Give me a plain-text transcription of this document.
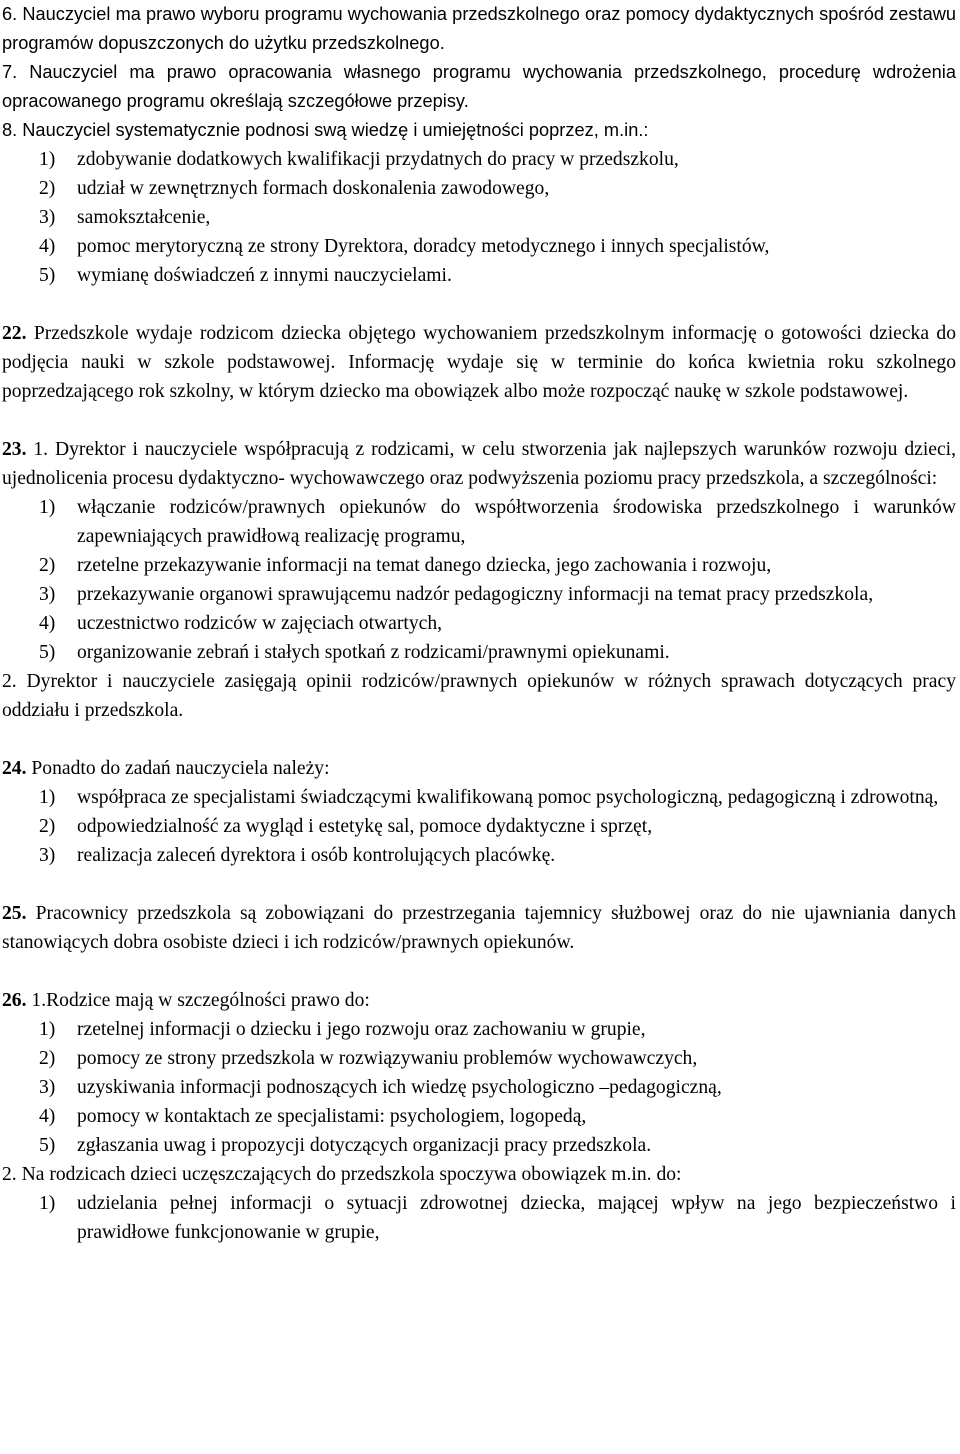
6. Nauczyciel ma prawo wyboru programu wychowania przedszkolnego oraz pomocy dydaktycznych spośród zestawu programów dopuszczonych do użytku przedszkolnego.

7. Nauczyciel ma prawo opracowania własnego programu wychowania przedszkolnego, procedurę wdrożenia opracowanego programu określają szczegółowe przepisy.

8. Nauczyciel systematycznie podnosi swą wiedzę i umiejętności poprzez, m.in.:

1) zdobywanie dodatkowych kwalifikacji przydatnych do pracy w przedszkolu,

2) udział w zewnętrznych formach doskonalenia zawodowego,

3) samokształcenie,

4) pomoc merytoryczną ze strony Dyrektora, doradcy metodycznego i innych specjalistów,

5) wymianę doświadczeń z innymi nauczycielami.

22. Przedszkole wydaje rodzicom dziecka objętego wychowaniem przedszkolnym informację o gotowości dziecka do podjęcia nauki w szkole podstawowej. Informację wydaje się w terminie do końca kwietnia roku szkolnego poprzedzającego rok szkolny, w którym dziecko ma obowiązek albo może rozpocząć naukę w szkole podstawowej.

23. 1. Dyrektor i nauczyciele współpracują z rodzicami, w celu stworzenia jak najlepszych warunków rozwoju dzieci, ujednolicenia procesu dydaktyczno- wychowawczego oraz podwyższenia poziomu pracy przedszkola, a szczególności:

1) włączanie rodziców/prawnych opiekunów do współtworzenia środowiska przedszkolnego i warunków zapewniających prawidłową realizację programu,

2) rzetelne przekazywanie informacji na temat danego dziecka, jego zachowania i rozwoju,

3) przekazywanie organowi sprawującemu nadzór pedagogiczny informacji na temat pracy przedszkola,

4) uczestnictwo rodziców w zajęciach otwartych,

5) organizowanie zebrań i stałych spotkań z rodzicami/prawnymi opiekunami.

2. Dyrektor i nauczyciele zasięgają opinii rodziców/prawnych opiekunów w różnych sprawach dotyczących pracy oddziału i przedszkola.

24. Ponadto do zadań nauczyciela należy:

1) współpraca ze specjalistami świadczącymi kwalifikowaną pomoc psychologiczną, pedagogiczną i zdrowotną,

2) odpowiedzialność za wygląd i estetykę sal, pomoce dydaktyczne i sprzęt,

3) realizacja zaleceń dyrektora i osób kontrolujących placówkę.

25. Pracownicy przedszkola są zobowiązani do przestrzegania tajemnicy służbowej oraz do nie ujawniania danych stanowiących dobra osobiste dzieci i ich rodziców/prawnych opiekunów.

26. 1.Rodzice mają w szczególności prawo do:

1) rzetelnej informacji o dziecku i jego rozwoju oraz zachowaniu w grupie,

2) pomocy ze strony przedszkola w rozwiązywaniu problemów wychowawczych,

3) uzyskiwania informacji podnoszących ich wiedzę psychologiczno –pedagogiczną,

4) pomocy w kontaktach ze specjalistami: psychologiem, logopedą,

5) zgłaszania uwag i propozycji dotyczących organizacji pracy przedszkola.

2. Na rodzicach dzieci uczęszczających do przedszkola spoczywa obowiązek m.in. do:

1) udzielania pełnej informacji o sytuacji zdrowotnej dziecka, mającej wpływ na jego bezpieczeństwo i prawidłowe funkcjonowanie w grupie,
